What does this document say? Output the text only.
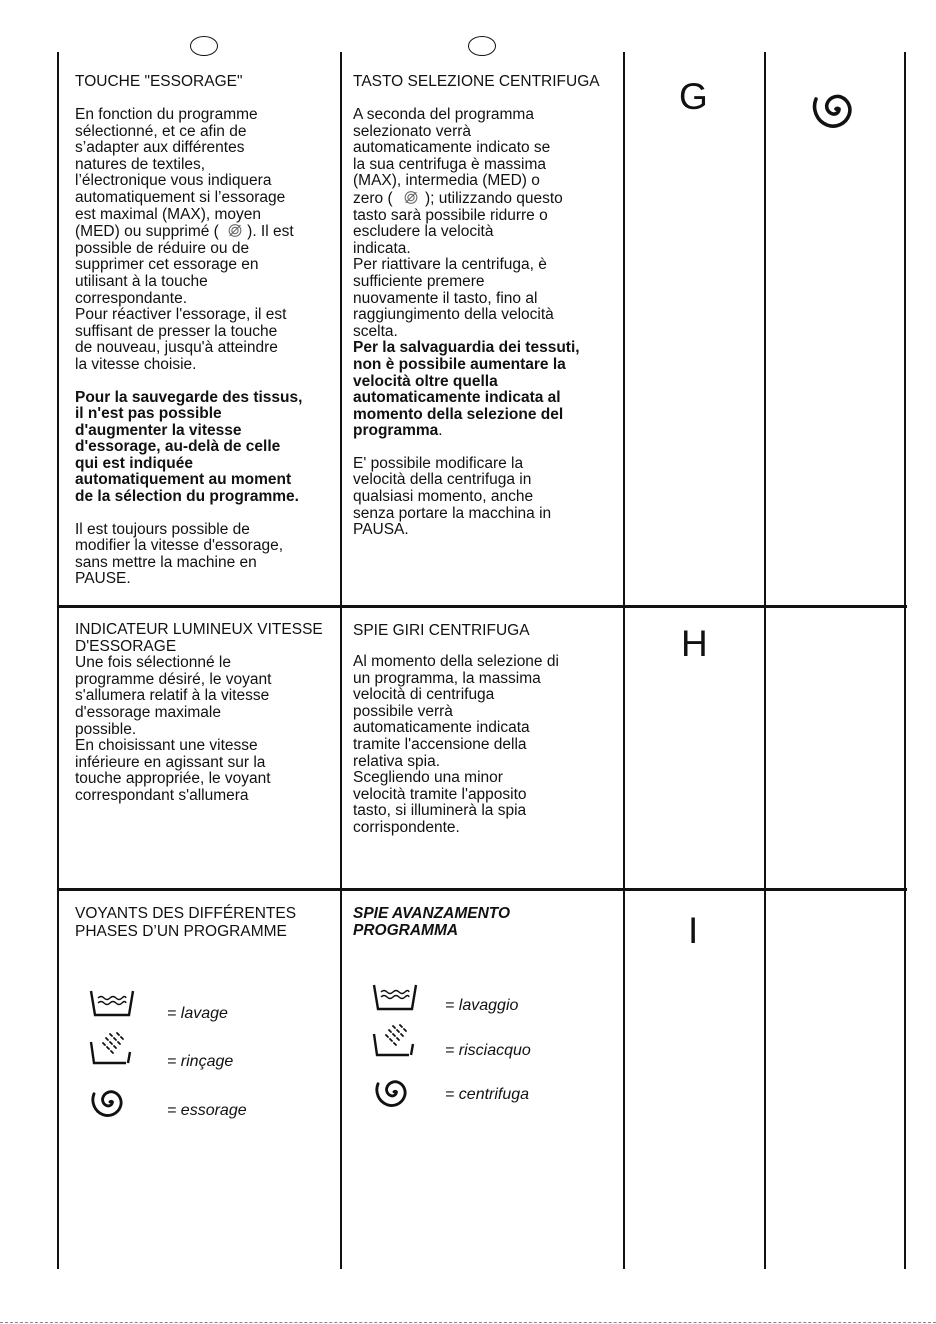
TOUCHE "ESSORAGE"
En fonction du programme
sélectionné, et ce afin de
s’adapter aux différentes
natures de textiles,
l’électronique vous indiquera
automatiquement si l’essorage
est maximal (MAX), moyen
(MED) ou supprimé ( ). Il est
possible de réduire ou de
supprimer cet essorage en
utilisant à la touche
correspondante.
Pour réactiver l'essorage, il est
suffisant de presser la touche
de nouveau, jusqu'à atteindre
la vitesse choisie.
Pour la sauvegarde des tissus,
il n'est pas possible
d'augmenter la vitesse
d'essorage, au-delà de celle
qui est indiquée
automatiquement au moment
de la sélection du programme.
Il est toujours possible de
modifier la vitesse d'essorage,
sans mettre la machine en
PAUSE.
TASTO SELEZIONE CENTRIFUGA
A seconda del programma
selezionato verrà
automaticamente indicato se
la sua centrifuga è massima
(MAX), intermedia (MED) o
zero ( ); utilizzando questo
tasto sarà possibile ridurre o
escludere la velocità
indicata.
Per riattivare la centrifuga, è
sufficiente premere
nuovamente il tasto, fino al
raggiungimento della velocità
scelta.
Per la salvaguardia dei tessuti,
non è possibile aumentare la
velocità oltre quella
automaticamente indicata al
momento della selezione del
programma.
E' possibile modificare la
velocità della centrifuga in
qualsiasi momento, anche
senza portare la macchina in
PAUSA.
G
INDICATEUR LUMINEUX VITESSE
D'ESSORAGE
Une fois sélectionné le
programme désiré, le voyant
s'allumera relatif à la vitesse
d'essorage maximale
possible.
En choisissant une vitesse
inférieure en agissant sur la
touche appropriée, le voyant
correspondant s'allumera
SPIE GIRI CENTRIFUGA
Al momento della selezione di
un programma, la massima
velocità di centrifuga
possibile verrà
automaticamente indicata
tramite l'accensione della
relativa spia.
Scegliendo una minor
velocità tramite l'apposito
tasto, si illuminerà la spia
corrispondente.
H
VOYANTS DES DIFFÉRENTES
PHASES D’UN PROGRAMME
SPIE AVANZAMENTO
PROGRAMMA	I
= lavage
= rinçage
= essorage
= lavaggio
= risciacquo
= centrifuga
